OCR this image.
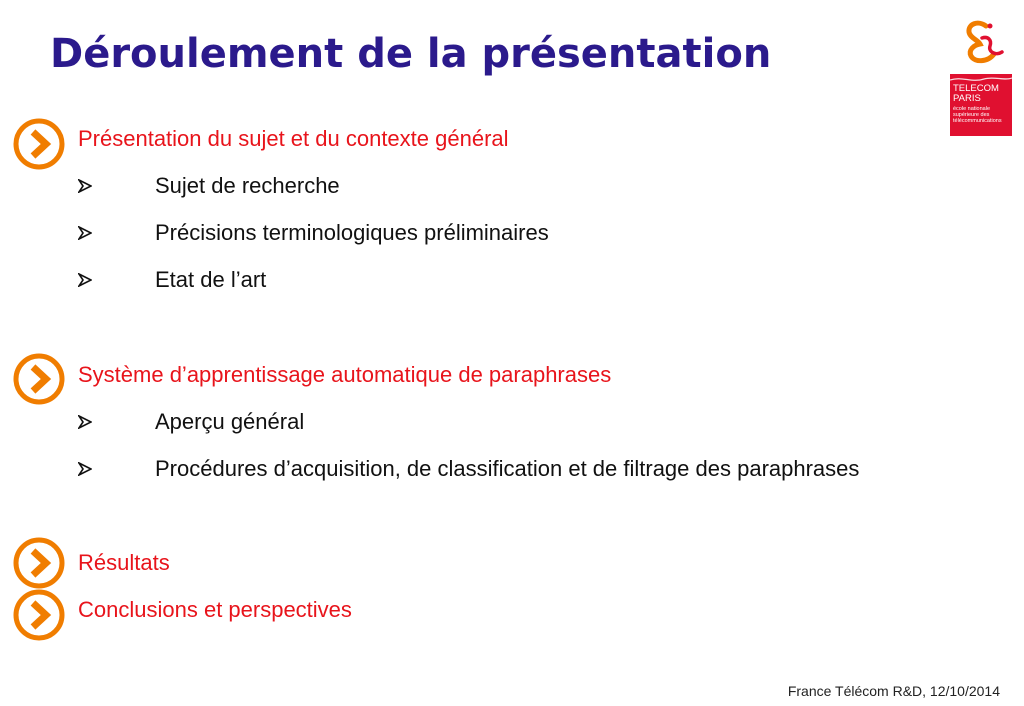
Déroulement de la présentation
TELECOM
PARIS
école nationale supérieure des télécommunications

Présentation du sujet et du contexte général

Sujet de recherche
Précisions terminologiques préliminaires
Etat de l’art

Système d’apprentissage automatique de paraphrases

Aperçu général
Procédures d’acquisition, de classification et de filtrage des paraphrases

Résultats

Conclusions et perspectives

France Télécom R&D, 12/10/2014
